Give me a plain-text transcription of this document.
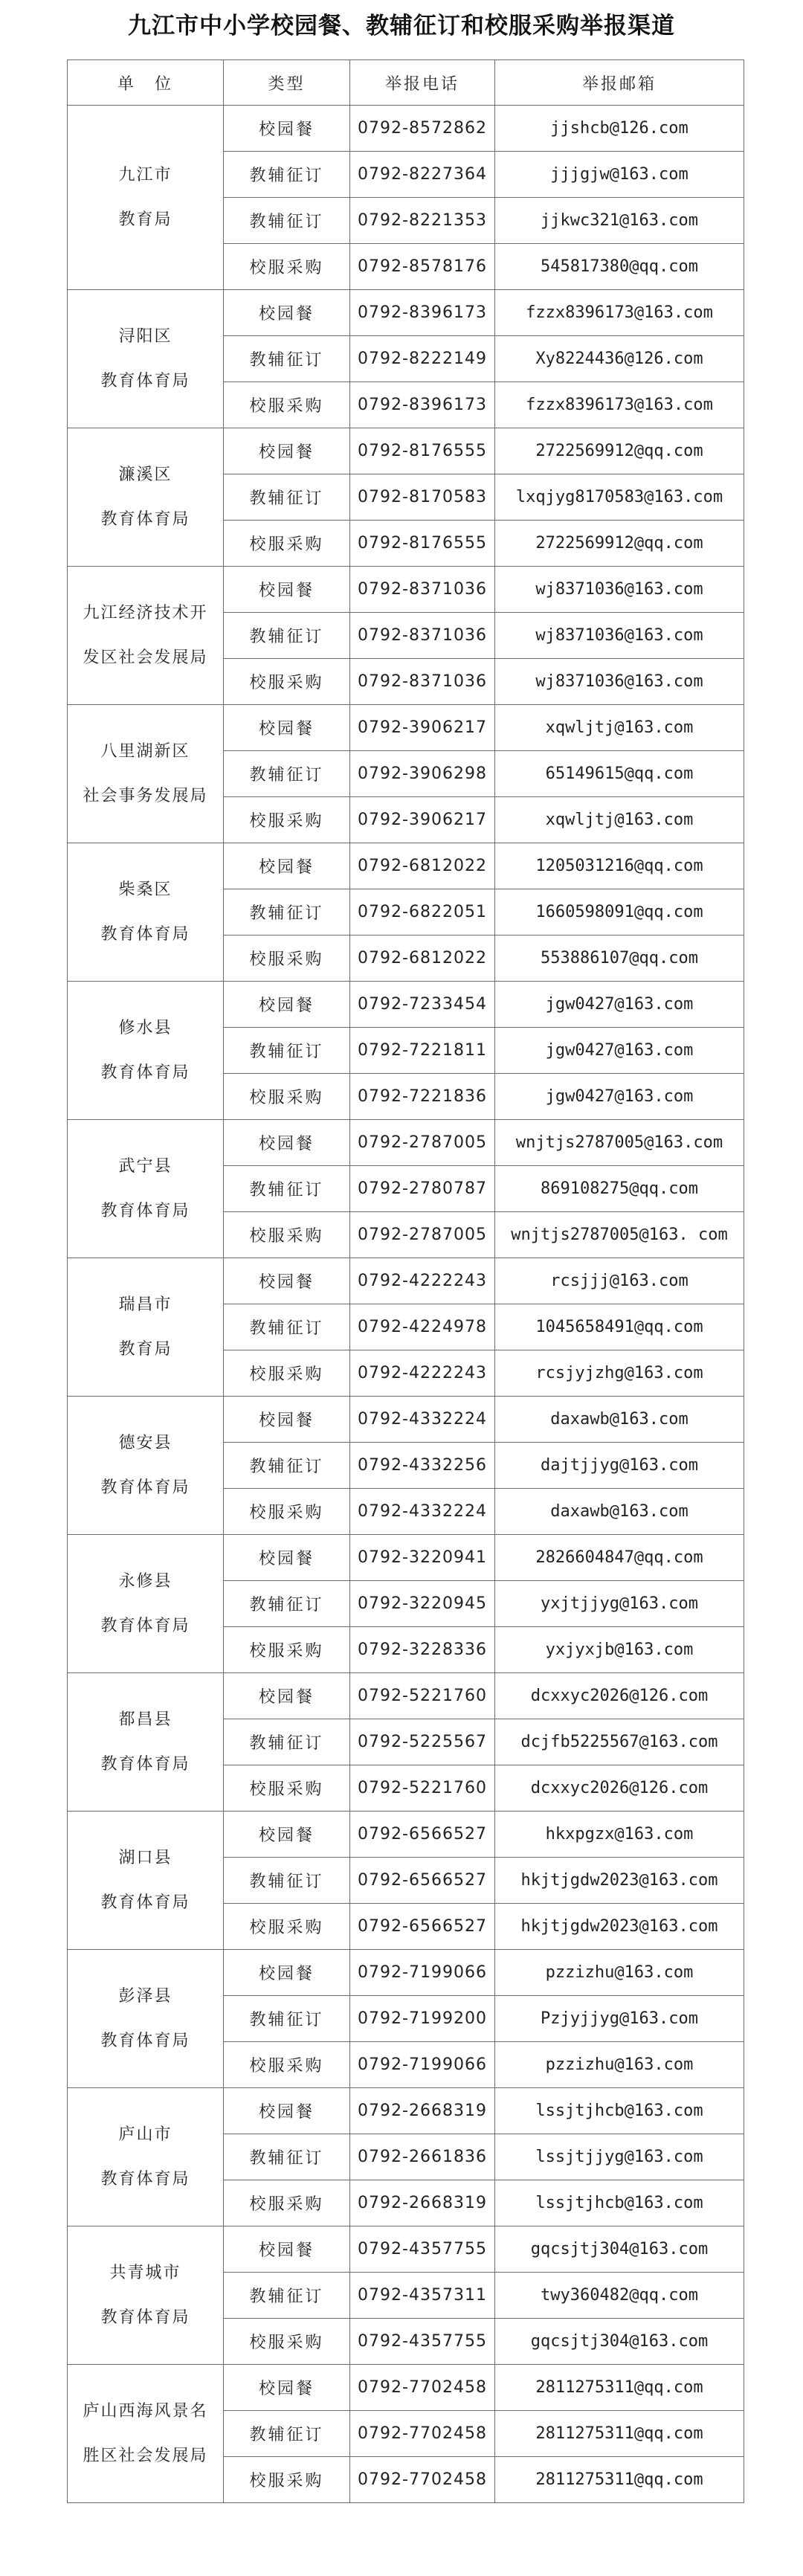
九江市中小学校园餐、教辅征订和校服采购举报渠道
单　位	类型	举报电话	举报邮箱

九江市
教育局	校园餐	0792-8572862	jjshcb@126.com
	教辅征订	0792-8227364	jjjgjw@163.com
	教辅征订	0792-8221353	jjkwc321@163.com
	校服采购	0792-8578176	545817380@qq.com

浔阳区
教育体育局	校园餐	0792-8396173	fzzx8396173@163.com
	教辅征订	0792-8222149	Xy8224436@126.com
	校服采购	0792-8396173	fzzx8396173@163.com

濂溪区
教育体育局	校园餐	0792-8176555	2722569912@qq.com
	教辅征订	0792-8170583	lxqjyg8170583@163.com
	校服采购	0792-8176555	2722569912@qq.com

九江经济技术开
发区社会发展局	校园餐	0792-8371036	wj8371036@163.com
	教辅征订	0792-8371036	wj8371036@163.com
	校服采购	0792-8371036	wj8371036@163.com

八里湖新区
社会事务发展局	校园餐	0792-3906217	xqwljtj@163.com
	教辅征订	0792-3906298	65149615@qq.com
	校服采购	0792-3906217	xqwljtj@163.com

柴桑区
教育体育局	校园餐	0792-6812022	1205031216@qq.com
	教辅征订	0792-6822051	1660598091@qq.com
	校服采购	0792-6812022	553886107@qq.com

修水县
教育体育局	校园餐	0792-7233454	jgw0427@163.com
	教辅征订	0792-7221811	jgw0427@163.com
	校服采购	0792-7221836	jgw0427@163.com

武宁县
教育体育局	校园餐	0792-2787005	wnjtjs2787005@163.com
	教辅征订	0792-2780787	869108275@qq.com
	校服采购	0792-2787005	wnjtjs2787005@163. com

瑞昌市
教育局	校园餐	0792-4222243	rcsjjj@163.com
	教辅征订	0792-4224978	1045658491@qq.com
	校服采购	0792-4222243	rcsjyjzhg@163.com

德安县
教育体育局	校园餐	0792-4332224	daxawb@163.com
	教辅征订	0792-4332256	dajtjjyg@163.com
	校服采购	0792-4332224	daxawb@163.com

永修县
教育体育局	校园餐	0792-3220941	2826604847@qq.com
	教辅征订	0792-3220945	yxjtjjyg@163.com
	校服采购	0792-3228336	yxjyxjb@163.com

都昌县
教育体育局	校园餐	0792-5221760	dcxxyc2026@126.com
	教辅征订	0792-5225567	dcjfb5225567@163.com
	校服采购	0792-5221760	dcxxyc2026@126.com

湖口县
教育体育局	校园餐	0792-6566527	hkxpgzx@163.com
	教辅征订	0792-6566527	hkjtjgdw2023@163.com
	校服采购	0792-6566527	hkjtjgdw2023@163.com

彭泽县
教育体育局	校园餐	0792-7199066	pzzizhu@163.com
	教辅征订	0792-7199200	Pzjyjjyg@163.com
	校服采购	0792-7199066	pzzizhu@163.com

庐山市
教育体育局	校园餐	0792-2668319	lssjtjhcb@163.com
	教辅征订	0792-2661836	lssjtjjyg@163.com
	校服采购	0792-2668319	lssjtjhcb@163.com

共青城市
教育体育局	校园餐	0792-4357755	gqcsjtj304@163.com
	教辅征订	0792-4357311	twy360482@qq.com
	校服采购	0792-4357755	gqcsjtj304@163.com

庐山西海风景名
胜区社会发展局	校园餐	0792-7702458	2811275311@qq.com
	教辅征订	0792-7702458	2811275311@qq.com
	校服采购	0792-7702458	2811275311@qq.com
